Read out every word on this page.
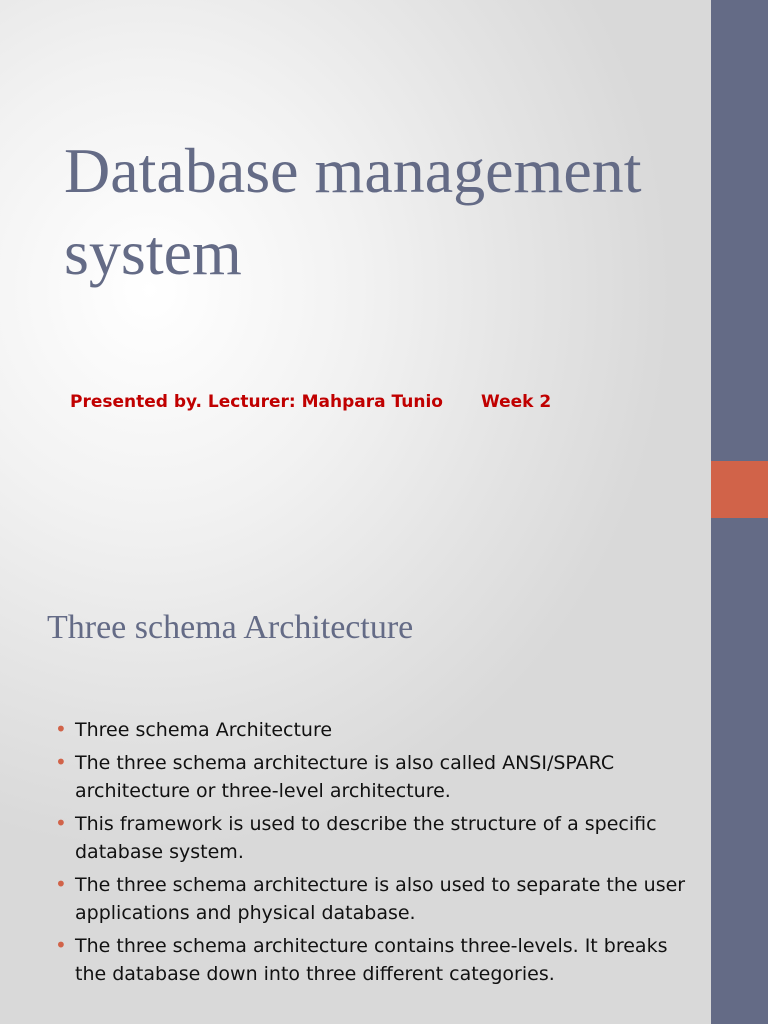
Database management system
Presented by. Lecturer: Mahpara Tunio Week 2
Three schema Architecture
• Three schema Architecture
• The three schema architecture is also called ANSI/SPARC architecture or three-level architecture.
• This framework is used to describe the structure of a specific database system.
• The three schema architecture is also used to separate the user applications and physical database.
• The three schema architecture contains three-levels. It breaks the database down into three different categories.
